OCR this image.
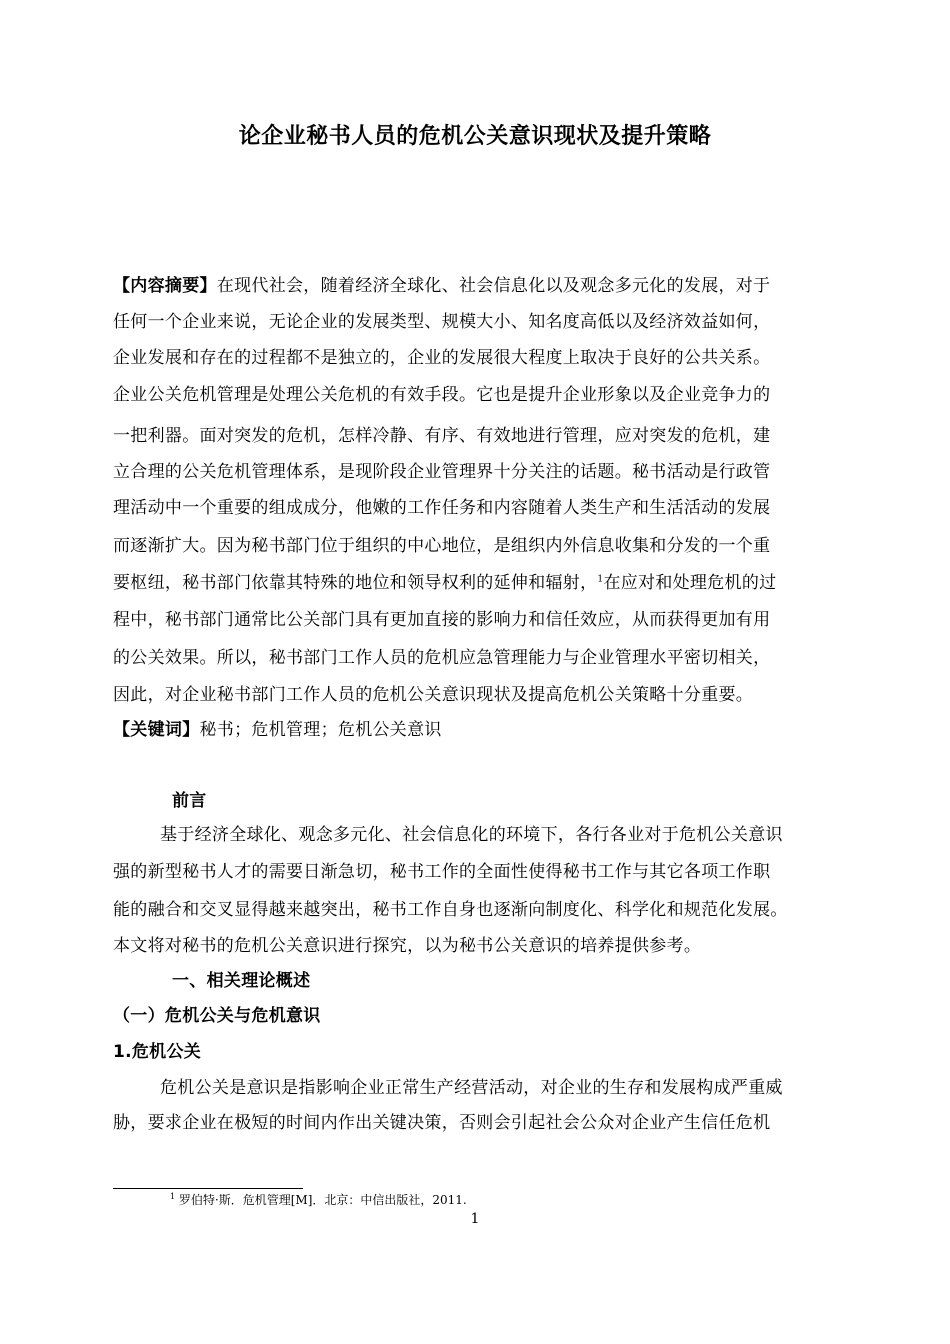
论企业秘书人员的危机公关意识现状及提升策略
【内容摘要】在现代社会，随着经济全球化、社会信息化以及观念多元化的发展，对于
任何一个企业来说，无论企业的发展类型、规模大小、知名度高低以及经济效益如何，
企业发展和存在的过程都不是独立的，企业的发展很大程度上取决于良好的公共关系。
企业公关危机管理是处理公关危机的有效手段。它也是提升企业形象以及企业竞争力的
一把利器。面对突发的危机，怎样冷静、有序、有效地进行管理，应对突发的危机，建
立合理的公关危机管理体系，是现阶段企业管理界十分关注的话题。秘书活动是行政管
理活动中一个重要的组成成分，他嫩的工作任务和内容随着人类生产和生活活动的发展
而逐渐扩大。因为秘书部门位于组织的中心地位，是组织内外信息收集和分发的一个重
要枢纽，秘书部门依靠其特殊的地位和领导权利的延伸和辐射，$^1$在应对和处理危机的过
程中，秘书部门通常比公关部门具有更加直接的影响力和信任效应，从而获得更加有用
的公关效果。所以，秘书部门工作人员的危机应急管理能力与企业管理水平密切相关，
因此，对企业秘书部门工作人员的危机公关意识现状及提高危机公关策略十分重要。
【关键词】秘书；危机管理；危机公关意识
前言
基于经济全球化、观念多元化、社会信息化的环境下，各行各业对于危机公关意识
强的新型秘书人才的需要日渐急切，秘书工作的全面性使得秘书工作与其它各项工作职
能的融合和交叉显得越来越突出，秘书工作自身也逐渐向制度化、科学化和规范化发展。
本文将对秘书的危机公关意识进行探究，以为秘书公关意识的培养提供参考。
一、相关理论概述
（一）危机公关与危机意识
1.危机公关
危机公关是意识是指影响企业正常生产经营活动，对企业的生存和发展构成严重威
胁，要求企业在极短的时间内作出关键决策，否则会引起社会公众对企业产生信任危机
$^1$ 罗伯特·斯．危机管理[M]．北京：中信出版社，2011.
1
